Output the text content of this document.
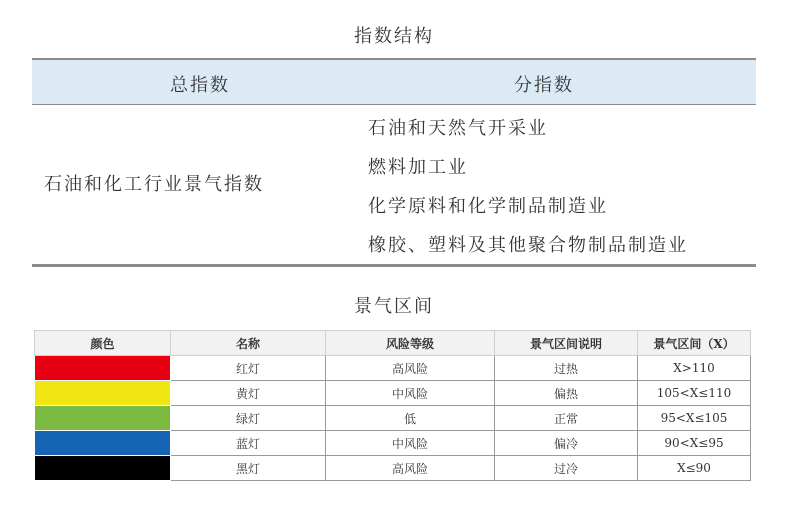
指数结构
总指数	分指数
石油和化工行业景气指数
石油和天然气开采业
燃料加工业
化学原料和化学制品制造业
橡胶、塑料及其他聚合物制品制造业
景气区间
颜色	名称	风险等级	景气区间说明	景气区间（X）
	红灯	高风险	过热	X>110
	黄灯	中风险	偏热	105<X≤110
	绿灯	低	正常	95<X≤105
	蓝灯	中风险	偏冷	90<X≤95
	黑灯	高风险	过冷	X≤90
